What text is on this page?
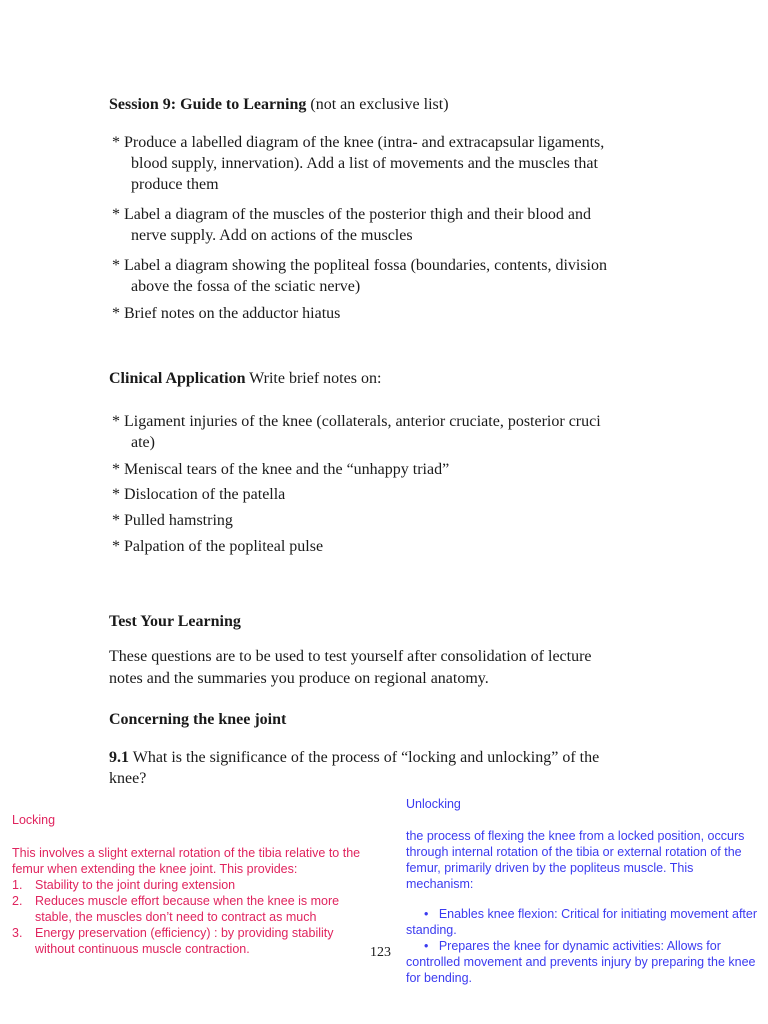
Session 9: Guide to Learning (not an exclusive list)
* Produce a labelled diagram of the knee (intra- and extracapsular ligaments,
blood supply, innervation). Add a list of movements and the muscles that
produce them
* Label a diagram of the muscles of the posterior thigh and their blood and
nerve supply. Add on actions of the muscles
* Label a diagram showing the popliteal fossa (boundaries, contents, division
above the fossa of the sciatic nerve)
* Brief notes on the adductor hiatus
Clinical Application Write brief notes on:
* Ligament injuries of the knee (collaterals, anterior cruciate, posterior cruci
ate)
* Meniscal tears of the knee and the “unhappy triad”
* Dislocation of the patella
* Pulled hamstring
* Palpation of the popliteal pulse
Test Your Learning
These questions are to be used to test yourself after consolidation of lecture
notes and the summaries you produce on regional anatomy.
Concerning the knee joint
9.1 What is the significance of the process of “locking and unlocking” of the
knee?
Locking
This involves a slight external rotation of the tibia relative to the femur when extending the knee joint. This provides:
1. Stability to the joint during extension
2. Reduces muscle effort because when the knee is more stable, the muscles don’t need to contract as much
3. Energy preservation (efficiency) : by providing stability without continuous muscle contraction.	123
Unlocking
the process of flexing the knee from a locked position, occurs through internal rotation of the tibia or external rotation of the femur, primarily driven by the popliteus muscle. This mechanism:
• Enables knee flexion: Critical for initiating movement after standing.
• Prepares the knee for dynamic activities: Allows for controlled movement and prevents injury by preparing the knee for bending.
